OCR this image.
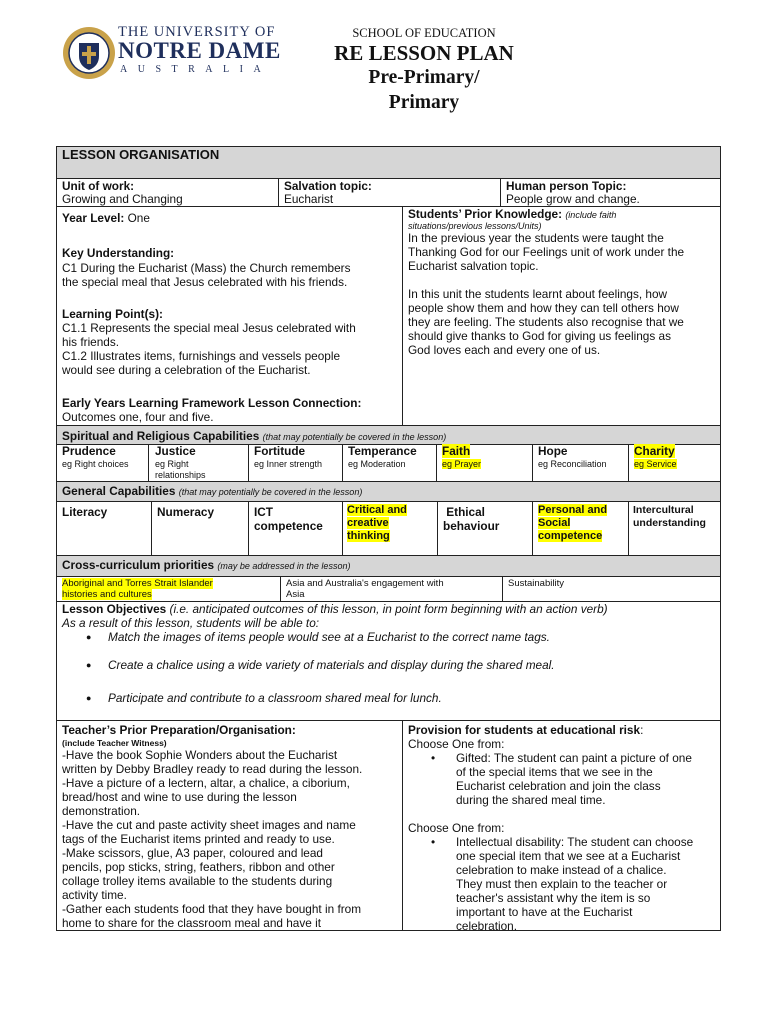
THE UNIVERSITY OF
NOTRE DAME
AUSTRALIA
SCHOOL OF EDUCATION
RE LESSON PLAN
Pre-Primary/
Primary
LESSON ORGANISATION
Unit of work:
Growing and Changing
Salvation topic:
Eucharist
Human person Topic:
People grow and change.
Year Level: One
Key Understanding:
C1 During the Eucharist (Mass) the Church remembers
the special meal that Jesus celebrated with his friends.
Learning Point(s):
C1.1 Represents the special meal Jesus celebrated with
his friends.
C1.2 Illustrates items, furnishings and vessels people
would see during a celebration of the Eucharist.
Early Years Learning Framework Lesson Connection:
Outcomes one, four and five.
Students’ Prior Knowledge: (include faith
situations/previous lessons/Units)
In the previous year the students were taught the
Thanking God for our Feelings unit of work under the
Eucharist salvation topic.
In this unit the students learnt about feelings, how
people show them and how they can tell others how
they are feeling. The students also recognise that we
should give thanks to God for giving us feelings as
God loves each and every one of us.
Spiritual and Religious Capabilities (that may potentially be covered in the lesson)
Prudence
eg Right choices
Justice
eg Right
relationships
Fortitude
eg Inner strength
Temperance
eg Moderation
Faith
eg Prayer
Hope
eg Reconciliation
Charity
eg Service
General Capabilities (that may potentially be covered in the lesson)
Literacy	Numeracy	ICT
competence
Critical and
creative
thinking
Ethical
behaviour
Personal and
Social
competence
Intercultural
understanding
Cross-curriculum priorities (may be addressed in the lesson)
Aboriginal and Torres Strait Islander
histories and cultures
Asia and Australia's engagement with
Asia
Sustainability
Lesson Objectives (i.e. anticipated outcomes of this lesson, in point form beginning with an action verb)
As a result of this lesson, students will be able to:
● Match the images of items people would see at a Eucharist to the correct name tags.
● Create a chalice using a wide variety of materials and display during the shared meal.
● Participate and contribute to a classroom shared meal for lunch.
Teacher’s Prior Preparation/Organisation:
(include Teacher Witness)
-Have the book Sophie Wonders about the Eucharist
written by Debby Bradley ready to read during the lesson.
-Have a picture of a lectern, altar, a chalice, a ciborium,
bread/host and wine to use during the lesson
demonstration.
-Have the cut and paste activity sheet images and name
tags of the Eucharist items printed and ready to use.
-Make scissors, glue, A3 paper, coloured and lead
pencils, pop sticks, string, feathers, ribbon and other
collage trolley items available to the students during
activity time.
-Gather each students food that they have bought in from
home to share for the classroom meal and have it
Provision for students at educational risk:
Choose One from:
• Gifted: The student can paint a picture of one
of the special items that we see in the
Eucharist celebration and join the class
during the shared meal time.
Choose One from:
• Intellectual disability: The student can choose
one special item that we see at a Eucharist
celebration to make instead of a chalice.
They must then explain to the teacher or
teacher's assistant why the item is so
important to have at the Eucharist
celebration.
